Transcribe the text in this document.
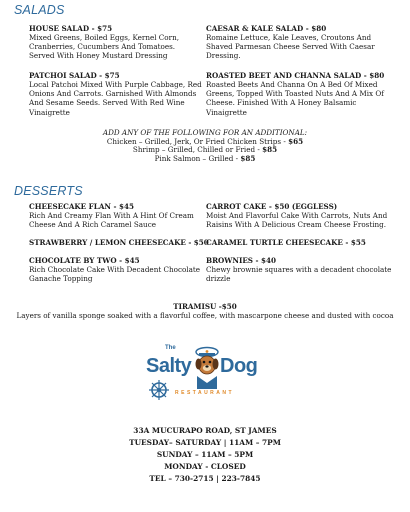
SALADS
HOUSE SALAD - $75
Mixed Greens, Boiled Eggs, Kernel Corn,
Cranberries, Cucumbers And Tomatoes.
Served With Honey Mustard Dressing
CAESAR & KALE SALAD - $80
Romaine Lettuce, Kale Leaves, Croutons And
Shaved Parmesan Cheese Served With Caesar
Dressing.
PATCHOI SALAD - $75
Local Patchoi Mixed With Purple Cabbage, Red
Onions And Carrots. Garnished With Almonds
And Sesame Seeds. Served With Red Wine
Vinaigrette
ROASTED BEET AND CHANNA SALAD - $80
Roasted Beets And Channa On A Bed Of Mixed
Greens, Topped With Toasted Nuts And A Mix Of
Cheese. Finished With A Honey Balsamic
Vinaigrette
ADD ANY OF THE FOLLOWING FOR AN ADDITIONAL:
Chicken – Grilled, Jerk, Or Fried Chicken Strips - $65
Shrimp – Grilled, Chilled or Fried - $85
Pink Salmon – Grilled - $85
DESSERTS
CHEESECAKE FLAN - $45
Rich And Creamy Flan With A Hint Of Cream
Cheese And A Rich Caramel Sauce
CARROT CAKE - $50 (EGGLESS)
Moist And Flavorful Cake With Carrots, Nuts And
Raisins With A Delicious Cream Cheese Frosting.
STRAWBERRY / LEMON CHEESECAKE - $50
CARAMEL TURTLE CHEESECAKE - $55
CHOCOLATE BY TWO - $45
Rich Chocolate Cake With Decadent Chocolate
Ganache Topping
BROWNIES - $40
Chewy brownie squares with a decadent chocolate
drizzle
TIRAMISU -$50
Layers of vanilla sponge soaked with a flavorful coffee, with mascarpone cheese and dusted with cocoa
The
Salty Dog
RESTAURANT
33A MUCURAPO ROAD, ST JAMES
TUESDAY– SATURDAY | 11AM – 7PM
SUNDAY – 11AM – 5PM
MONDAY - CLOSED
TEL – 730-2715 | 223-7845
